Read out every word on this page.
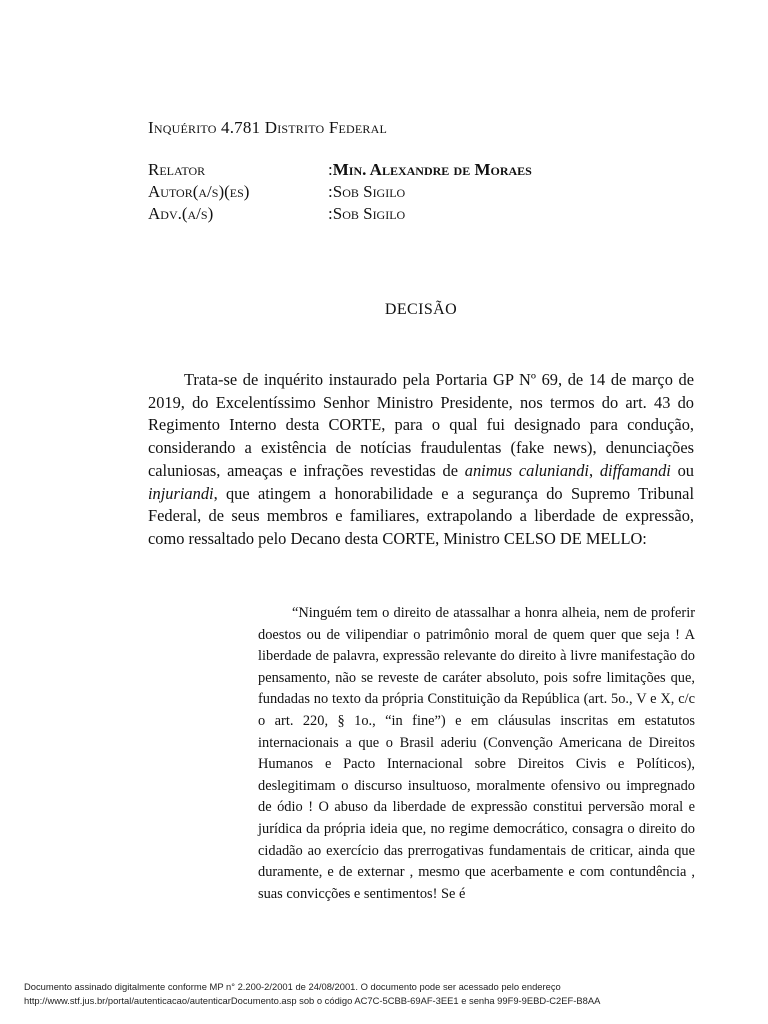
Inquérito 4.781 Distrito Federal
Relator	:Min. Alexandre de Moraes
Autor(a/s)(es)	:Sob Sigilo
Adv.(a/s)	:Sob Sigilo
DECISÃO

Trata-se de inquérito instaurado pela Portaria GP Nº 69, de 14 de março de 2019, do Excelentíssimo Senhor Ministro Presidente, nos termos do art. 43 do Regimento Interno desta CORTE, para o qual fui designado para condução, considerando a existência de notícias fraudulentas (fake news), denunciações caluniosas, ameaças e infrações revestidas de animus caluniandi, diffamandi ou injuriandi, que atingem a honorabilidade e a segurança do Supremo Tribunal Federal, de seus membros e familiares, extrapolando a liberdade de expressão, como ressaltado pelo Decano desta CORTE, Ministro CELSO DE MELLO:

“Ninguém tem o direito de atassalhar a honra alheia, nem de proferir doestos ou de vilipendiar o patrimônio moral de quem quer que seja ! A liberdade de palavra, expressão relevante do direito à livre manifestação do pensamento, não se reveste de caráter absoluto, pois sofre limitações que, fundadas no texto da própria Constituição da República (art. 5o., V e X, c/c o art. 220, § 1o., “in fine”) e em cláusulas inscritas em estatutos internacionais a que o Brasil aderiu (Convenção Americana de Direitos Humanos e Pacto Internacional sobre Direitos Civis e Políticos), deslegitimam o discurso insultuoso, moralmente ofensivo ou impregnado de ódio ! O abuso da liberdade de expressão constitui perversão moral e jurídica da própria ideia que, no regime democrático, consagra o direito do cidadão ao exercício das prerrogativas fundamentais de criticar, ainda que duramente, e de externar , mesmo que acerbamente e com contundência , suas convicções e sentimentos! Se é

Documento assinado digitalmente conforme MP n° 2.200-2/2001 de 24/08/2001. O documento pode ser acessado pelo endereço
http://www.stf.jus.br/portal/autenticacao/autenticarDocumento.asp sob o código AC7C-5CBB-69AF-3EE1 e senha 99F9-9EBD-C2EF-B8AA
